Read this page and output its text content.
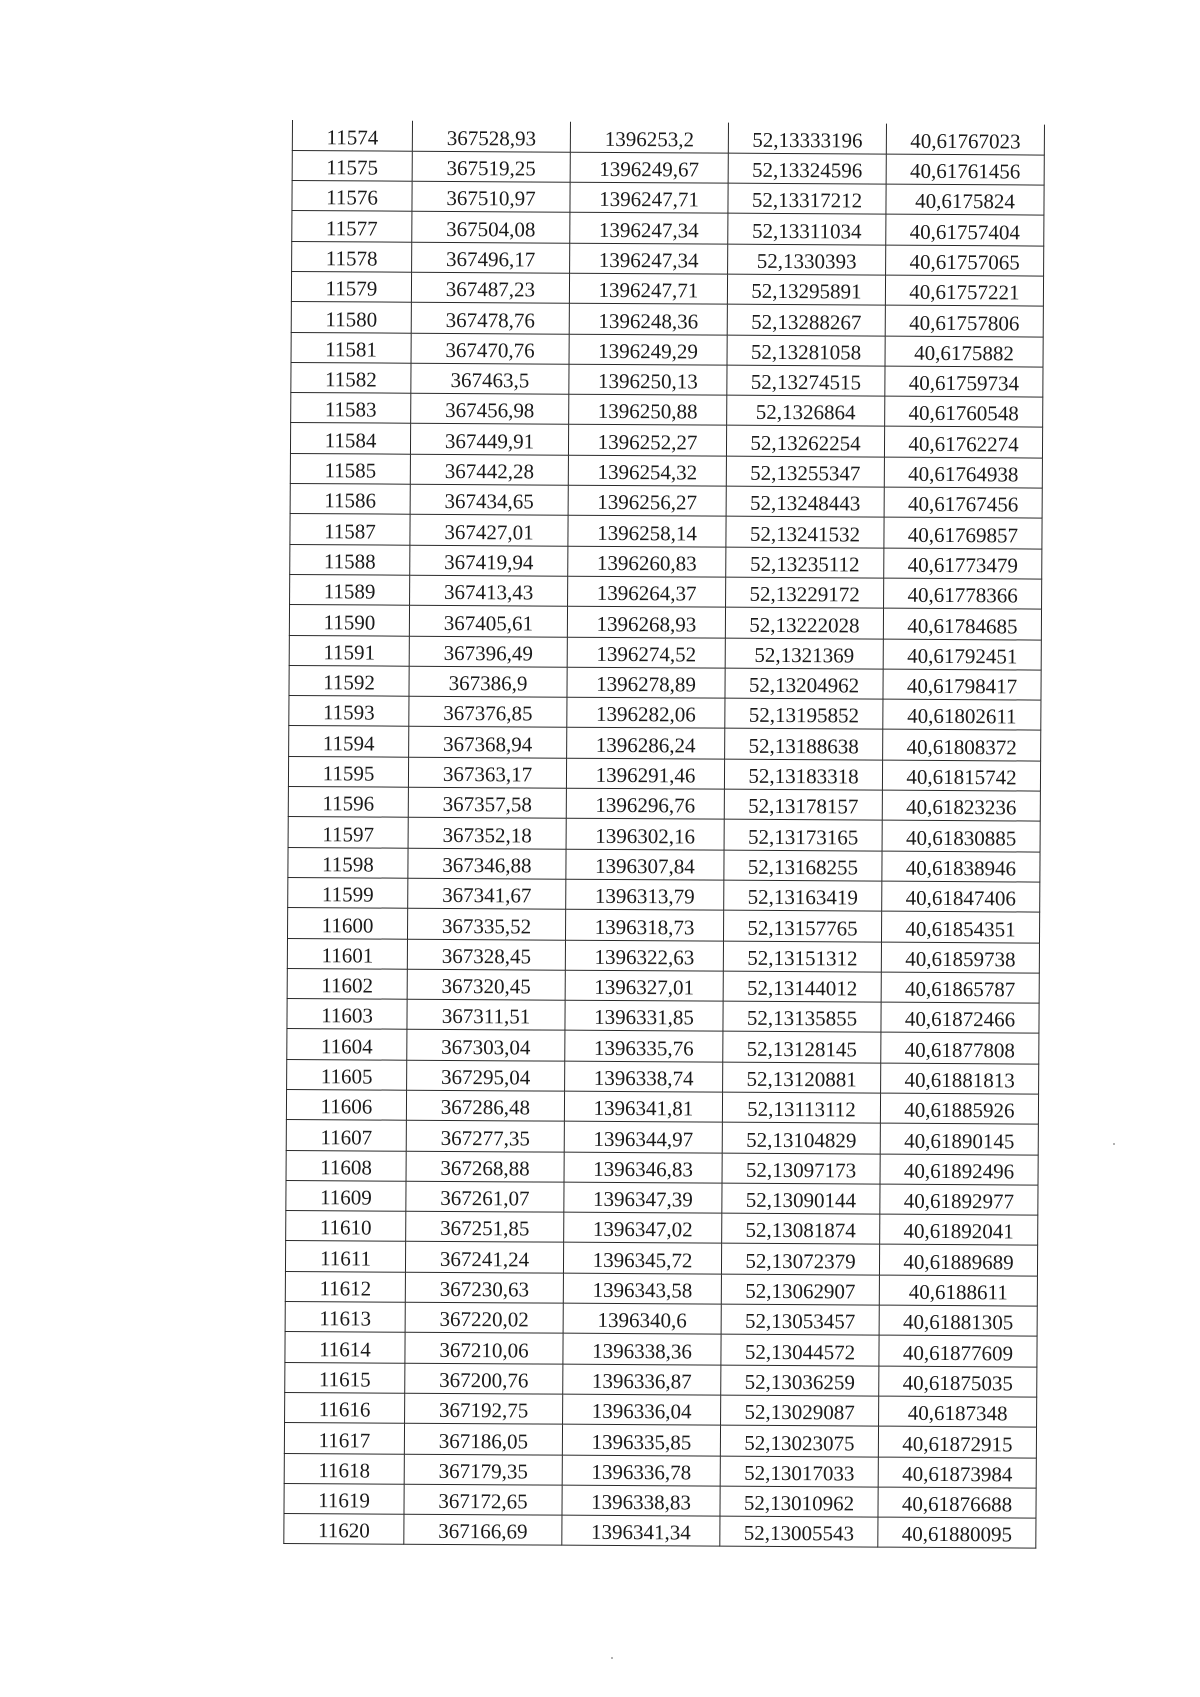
11574	367528,93	1396253,2	52,13333196	40,61767023
11575	367519,25	1396249,67	52,13324596	40,61761456
11576	367510,97	1396247,71	52,13317212	40,6175824
11577	367504,08	1396247,34	52,13311034	40,61757404
11578	367496,17	1396247,34	52,1330393	40,61757065
11579	367487,23	1396247,71	52,13295891	40,61757221
11580	367478,76	1396248,36	52,13288267	40,61757806
11581	367470,76	1396249,29	52,13281058	40,6175882
11582	367463,5	1396250,13	52,13274515	40,61759734
11583	367456,98	1396250,88	52,1326864	40,61760548
11584	367449,91	1396252,27	52,13262254	40,61762274
11585	367442,28	1396254,32	52,13255347	40,61764938
11586	367434,65	1396256,27	52,13248443	40,61767456
11587	367427,01	1396258,14	52,13241532	40,61769857
11588	367419,94	1396260,83	52,13235112	40,61773479
11589	367413,43	1396264,37	52,13229172	40,61778366
11590	367405,61	1396268,93	52,13222028	40,61784685
11591	367396,49	1396274,52	52,1321369	40,61792451
11592	367386,9	1396278,89	52,13204962	40,61798417
11593	367376,85	1396282,06	52,13195852	40,61802611
11594	367368,94	1396286,24	52,13188638	40,61808372
11595	367363,17	1396291,46	52,13183318	40,61815742
11596	367357,58	1396296,76	52,13178157	40,61823236
11597	367352,18	1396302,16	52,13173165	40,61830885
11598	367346,88	1396307,84	52,13168255	40,61838946
11599	367341,67	1396313,79	52,13163419	40,61847406
11600	367335,52	1396318,73	52,13157765	40,61854351
11601	367328,45	1396322,63	52,13151312	40,61859738
11602	367320,45	1396327,01	52,13144012	40,61865787
11603	367311,51	1396331,85	52,13135855	40,61872466
11604	367303,04	1396335,76	52,13128145	40,61877808
11605	367295,04	1396338,74	52,13120881	40,61881813
11606	367286,48	1396341,81	52,13113112	40,61885926
11607	367277,35	1396344,97	52,13104829	40,61890145
11608	367268,88	1396346,83	52,13097173	40,61892496
11609	367261,07	1396347,39	52,13090144	40,61892977
11610	367251,85	1396347,02	52,13081874	40,61892041
11611	367241,24	1396345,72	52,13072379	40,61889689
11612	367230,63	1396343,58	52,13062907	40,6188611
11613	367220,02	1396340,6	52,13053457	40,61881305
11614	367210,06	1396338,36	52,13044572	40,61877609
11615	367200,76	1396336,87	52,13036259	40,61875035
11616	367192,75	1396336,04	52,13029087	40,6187348
11617	367186,05	1396335,85	52,13023075	40,61872915
11618	367179,35	1396336,78	52,13017033	40,61873984
11619	367172,65	1396338,83	52,13010962	40,61876688
11620	367166,69	1396341,34	52,13005543	40,61880095
